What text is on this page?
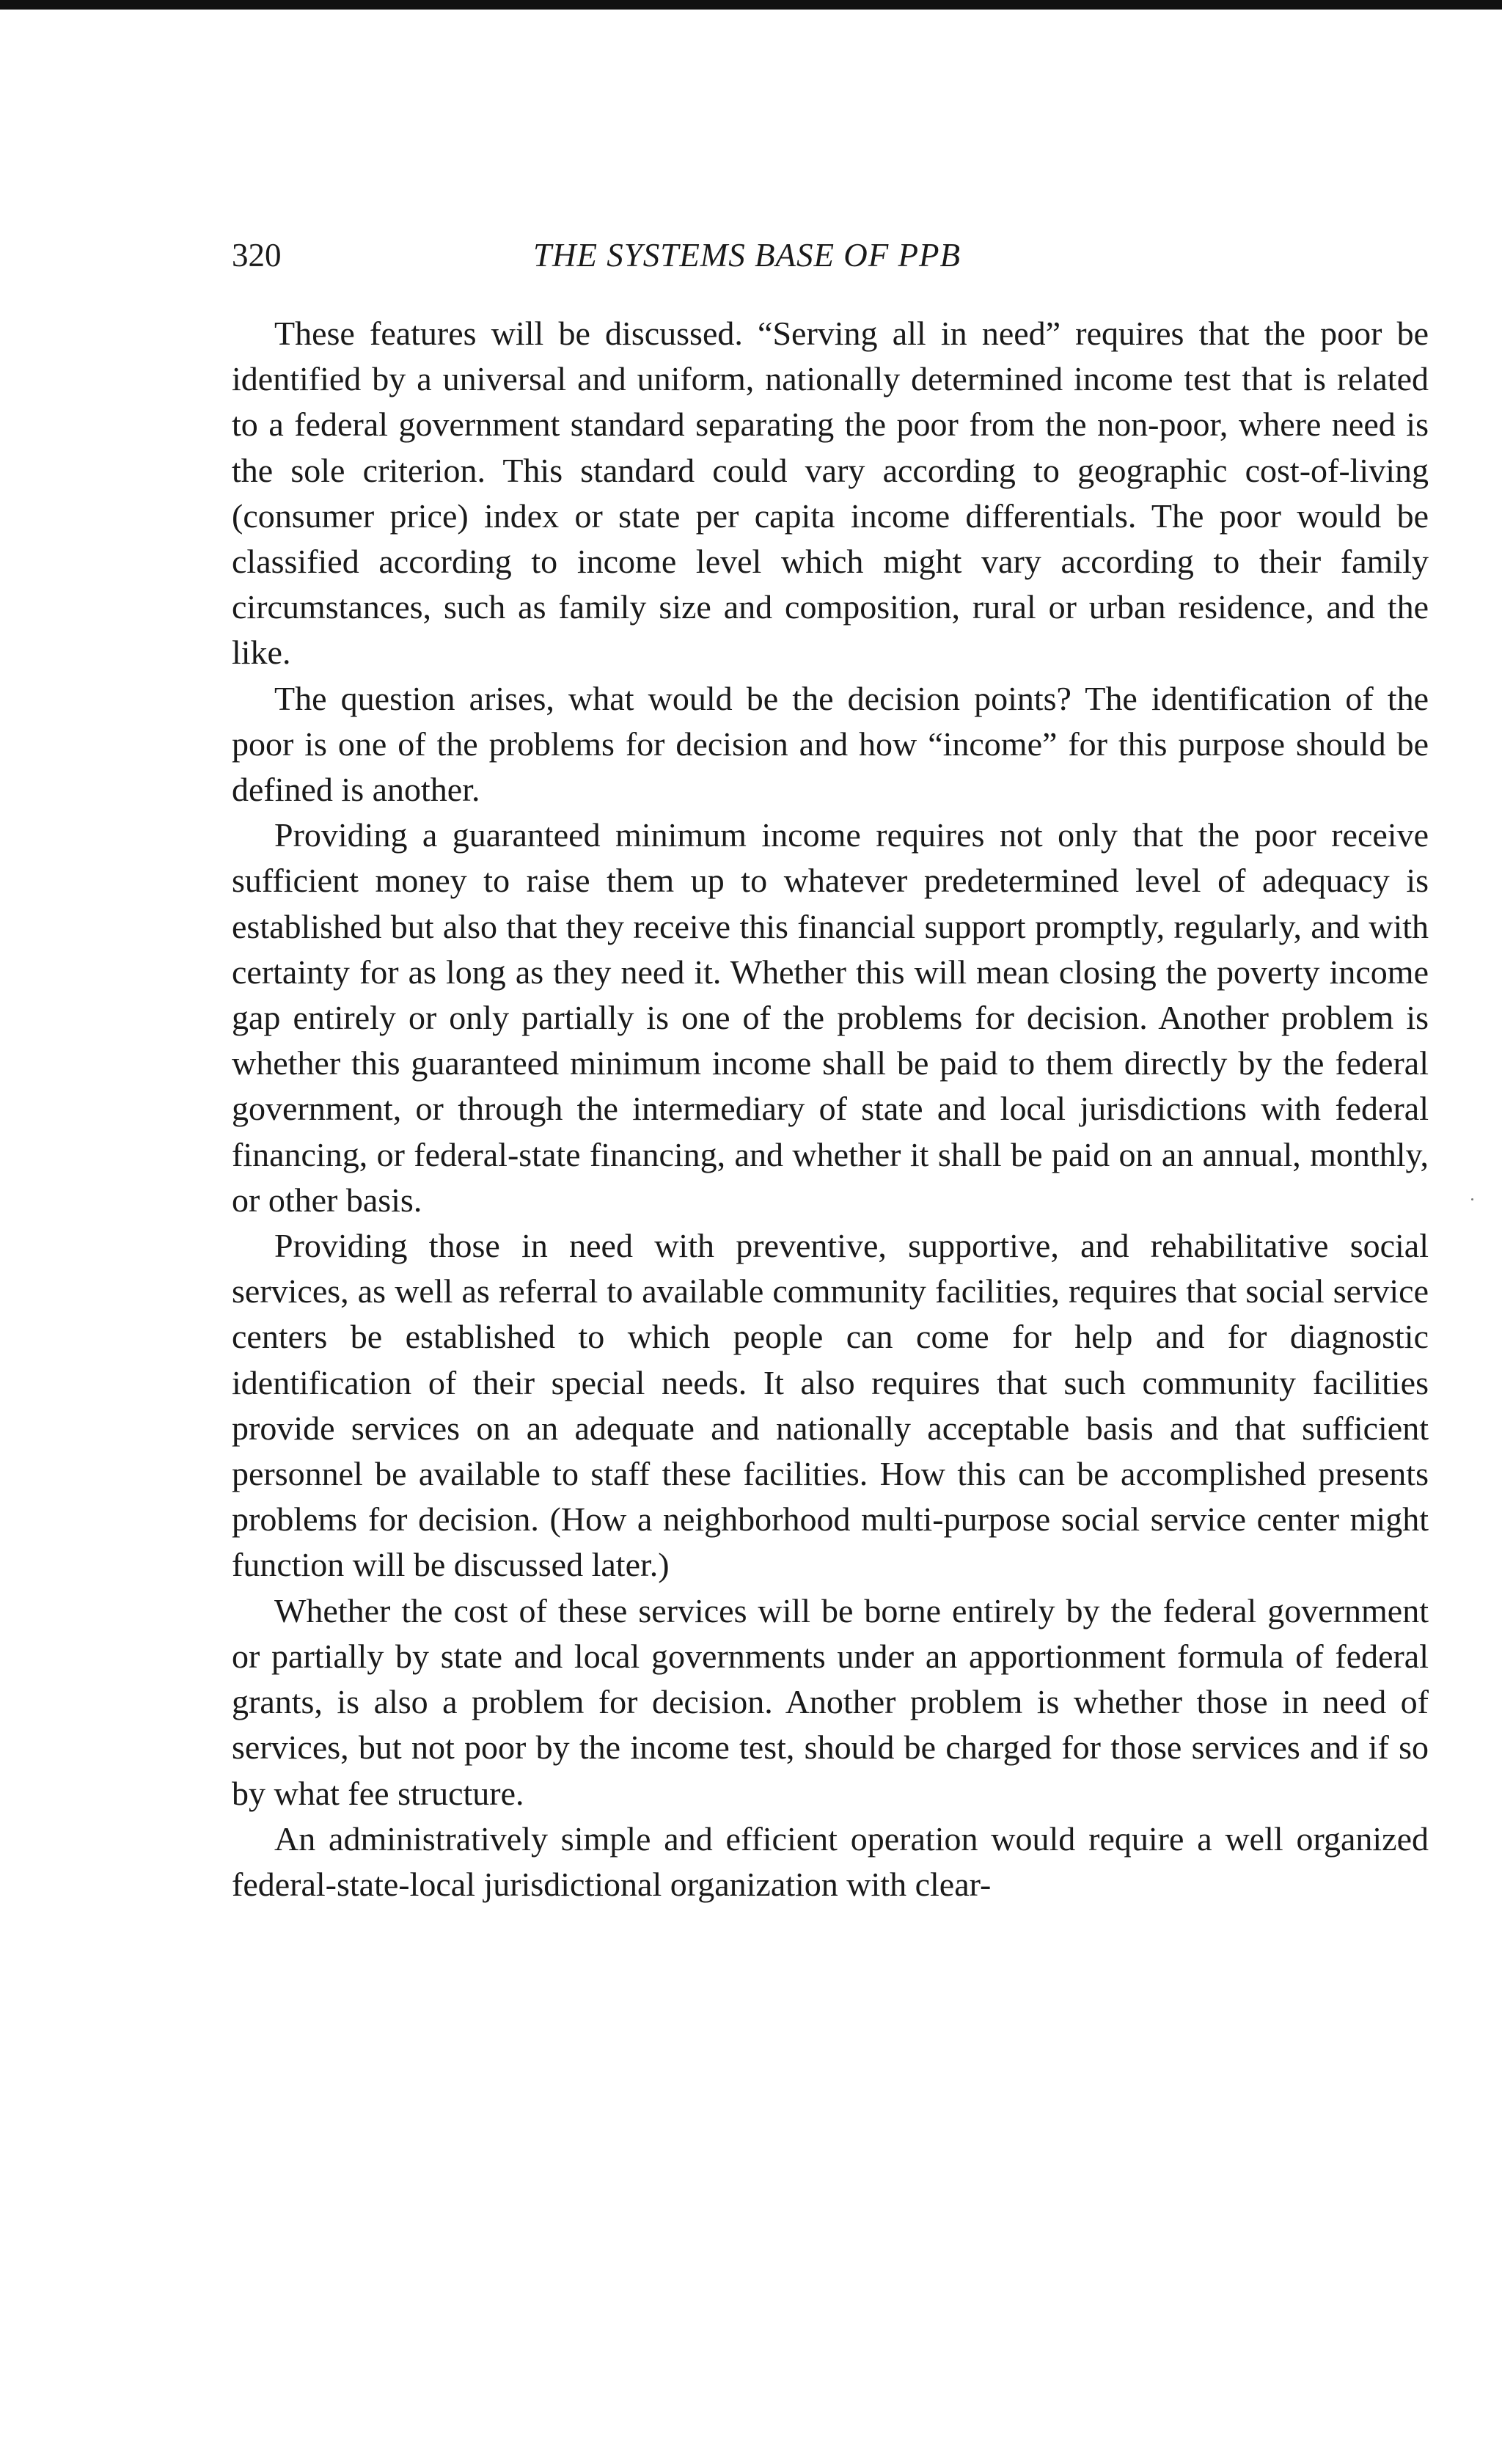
320	THE SYSTEMS BASE OF PPB

These features will be discussed. “Serving all in need” requires that the poor be identified by a universal and uniform, nationally determined income test that is related to a federal government standard separating the poor from the non-poor, where need is the sole criterion. This standard could vary according to geographic cost-of-living (consumer price) index or state per capita income differentials. The poor would be classified according to income level which might vary according to their family circumstances, such as family size and composition, rural or urban residence, and the like.

The question arises, what would be the decision points? The identification of the poor is one of the problems for decision and how “income” for this purpose should be defined is another.

Providing a guaranteed minimum income requires not only that the poor receive sufficient money to raise them up to whatever predetermined level of adequacy is established but also that they receive this financial support promptly, regularly, and with certainty for as long as they need it. Whether this will mean closing the poverty income gap entirely or only partially is one of the problems for decision. Another problem is whether this guaranteed minimum income shall be paid to them directly by the federal government, or through the intermediary of state and local jurisdictions with federal financing, or federal-state financing, and whether it shall be paid on an annual, monthly, or other basis.

Providing those in need with preventive, supportive, and rehabilitative social services, as well as referral to available community facilities, requires that social service centers be established to which people can come for help and for diagnostic identification of their special needs. It also requires that such community facilities provide services on an adequate and nationally acceptable basis and that sufficient personnel be available to staff these facilities. How this can be accomplished presents problems for decision. (How a neighborhood multi-purpose social service center might function will be discussed later.)

Whether the cost of these services will be borne entirely by the federal government or partially by state and local governments under an apportionment formula of federal grants, is also a problem for decision. Another problem is whether those in need of services, but not poor by the income test, should be charged for those services and if so by what fee structure.

An administratively simple and efficient operation would require a well organized federal-state-local jurisdictional organization with clear-
